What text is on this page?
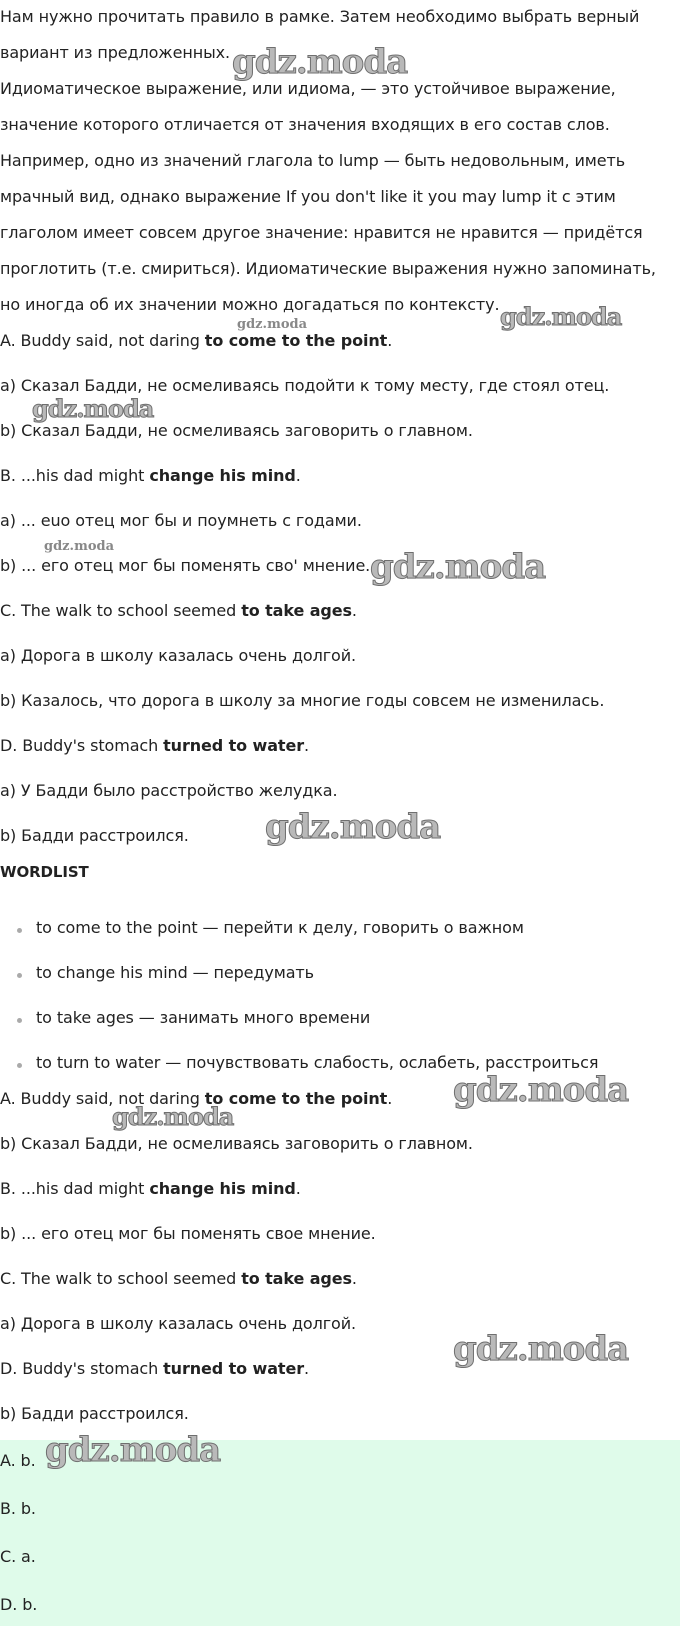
Нам нужно прочитать правило в рамке. Затем необходимо выбрать верный

вариант из предложенных.

Идиоматическое выражение, или идиома, — это устойчивое выражение,

значение которого отличается от значения входящих в его состав слов.

Например, одно из значений глагола to lump — быть недовольным, иметь

мрачный вид, однако выражение If you don't like it you may lump it с этим

глаголом имеет совсем другое значение: нравится не нравится — придётся

проглотить (т.е. смириться). Идиоматические выражения нужно запоминать,

но иногда об их значении можно догадаться по контексту.

A. Buddy said, not daring to come to the point.

a) Сказал Бадди, не осмеливаясь подойти к тому месту, где стоял отец.

b) Сказал Бадди, не осмеливаясь заговорить о главном.

B. ...his dad might change his mind.

a) ... euo отец мог бы и поумнеть с годами.

b) ... его отец мог бы поменять сво' мнение.

C. The walk to school seemed to take ages.

a) Дорога в школу казалась очень долгой.

b) Казалось, что дорога в школу за многие годы совсем не изменилась.

D. Buddy's stomach turned to water.

a) У Бадди было расстройство желудка.

b) Бадди расстроился.

WORDLIST

to come to the point — перейти к делу, говорить о важном

to change his mind — передумать

to take ages — занимать много времени

to turn to water — почувствовать слабость, ослабеть, расстроиться

A. Buddy said, not daring to come to the point.

b) Сказал Бадди, не осмеливаясь заговорить о главном.

B. ...his dad might change his mind.

b) ... его отец мог бы поменять свое мнение.

C. The walk to school seemed to take ages.

a) Дорога в школу казалась очень долгой.

D. Buddy's stomach turned to water.

b) Бадди расстроился.

A. b.

B. b.

C. a.

D. b.

gdz.moda
gdz.moda	gdz.moda
gdz.moda
gdz.moda
gdz.moda
gdz.moda
gdz.moda
gdz.moda
gdz.moda
gdz.moda
